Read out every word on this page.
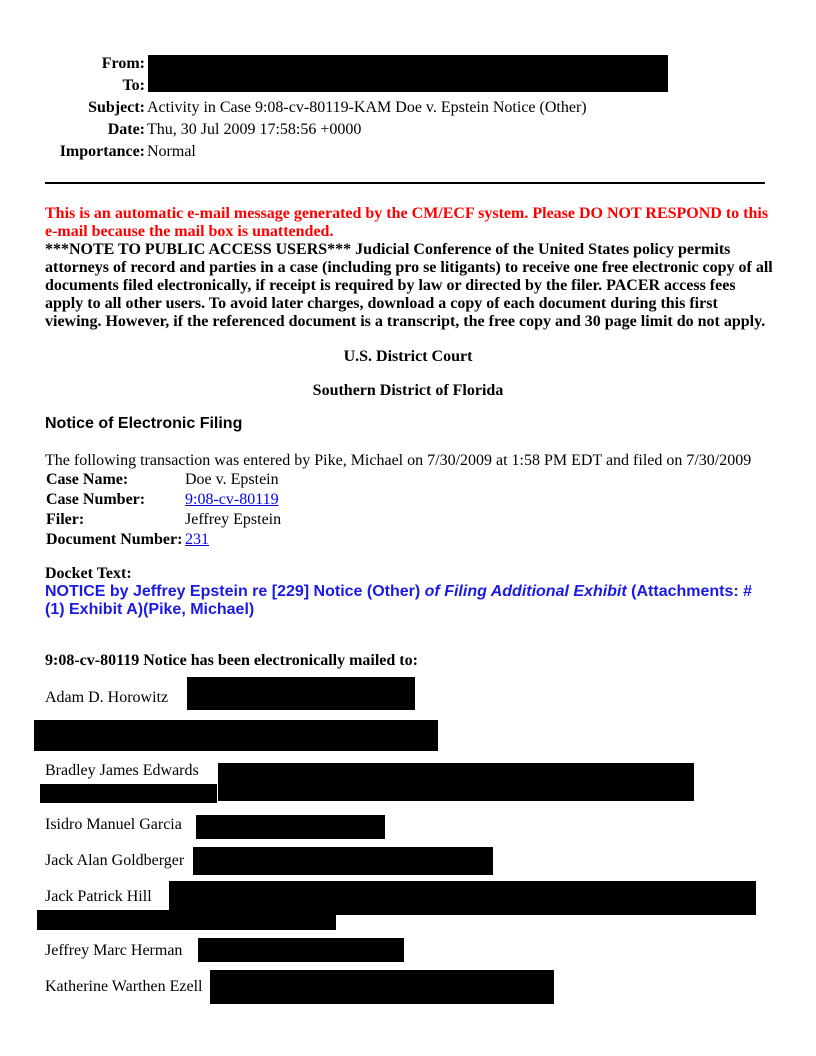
From:
To:
Subject: Activity in Case 9:08-cv-80119-KAM Doe v. Epstein Notice (Other)
Date: Thu, 30 Jul 2009 17:58:56 +0000
Importance: Normal
This is an automatic e-mail message generated by the CM/ECF system. Please DO NOT RESPOND to this e-mail because the mail box is unattended.
***NOTE TO PUBLIC ACCESS USERS*** Judicial Conference of the United States policy permits attorneys of record and parties in a case (including pro se litigants) to receive one free electronic copy of all documents filed electronically, if receipt is required by law or directed by the filer. PACER access fees apply to all other users. To avoid later charges, download a copy of each document during this first viewing. However, if the referenced document is a transcript, the free copy and 30 page limit do not apply.
U.S. District Court
Southern District of Florida
Notice of Electronic Filing
The following transaction was entered by Pike, Michael on 7/30/2009 at 1:58 PM EDT and filed on 7/30/2009
Case Name:	Doe v. Epstein
Case Number: 9:08-cv-80119
Filer:	Jeffrey Epstein
Document Number: 231
Docket Text:
NOTICE by Jeffrey Epstein re [229] Notice (Other) of Filing Additional Exhibit (Attachments: # (1) Exhibit A)(Pike, Michael)
9:08-cv-80119 Notice has been electronically mailed to:
Adam D. Horowitz
Bradley James Edwards
Isidro Manuel Garcia
Jack Alan Goldberger
Jack Patrick Hill
Jeffrey Marc Herman
Katherine Warthen Ezell
